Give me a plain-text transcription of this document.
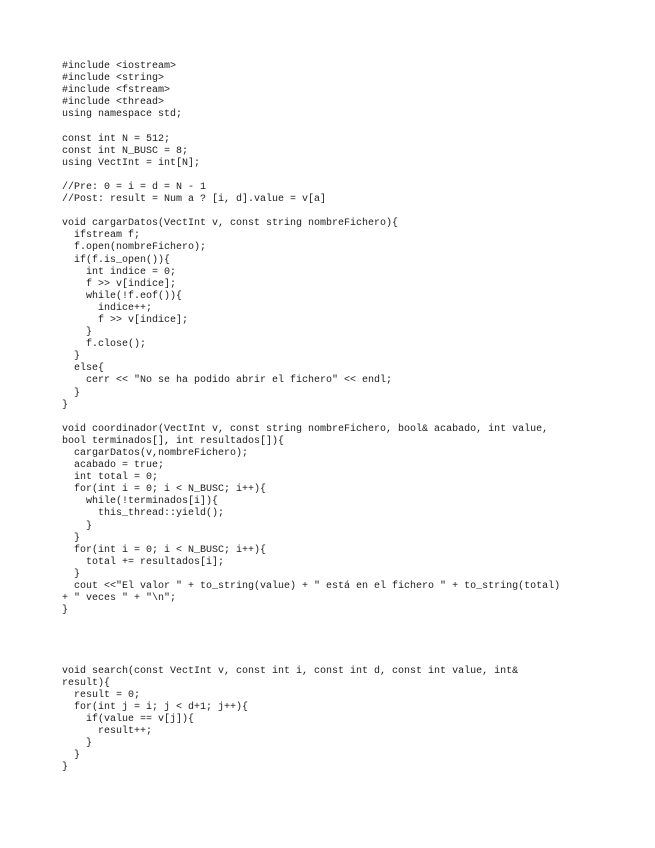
#include <iostream>
#include <string>
#include <fstream>
#include <thread>
using namespace std;
const int N = 512;
const int N_BUSC = 8;
using VectInt = int[N];
//Pre: 0 = i = d = N - 1
//Post: result = Num a ? [i, d].value = v[a]
void cargarDatos(VectInt v, const string nombreFichero){
ifstream f;
f.open(nombreFichero);
if(f.is_open()){
int indice = 0;
f >> v[indice];
while(!f.eof()){
indice++;
f >> v[indice];
}
f.close();
}
else{
cerr << "No se ha podido abrir el fichero" << endl;
}
}
void coordinador(VectInt v, const string nombreFichero, bool& acabado, int value,
bool terminados[], int resultados[]){
cargarDatos(v,nombreFichero);
acabado = true;
int total = 0;
for(int i = 0; i < N_BUSC; i++){
while(!terminados[i]){
this_thread::yield();
}
}
for(int i = 0; i < N_BUSC; i++){
total += resultados[i];
}
cout <<"El valor " + to_string(value) + " está en el fichero " + to_string(total)
+ " veces " + "\n";
}
void search(const VectInt v, const int i, const int d, const int value, int&
result){
result = 0;
for(int j = i; j < d+1; j++){
if(value == v[j]){
result++;
}
}
}
